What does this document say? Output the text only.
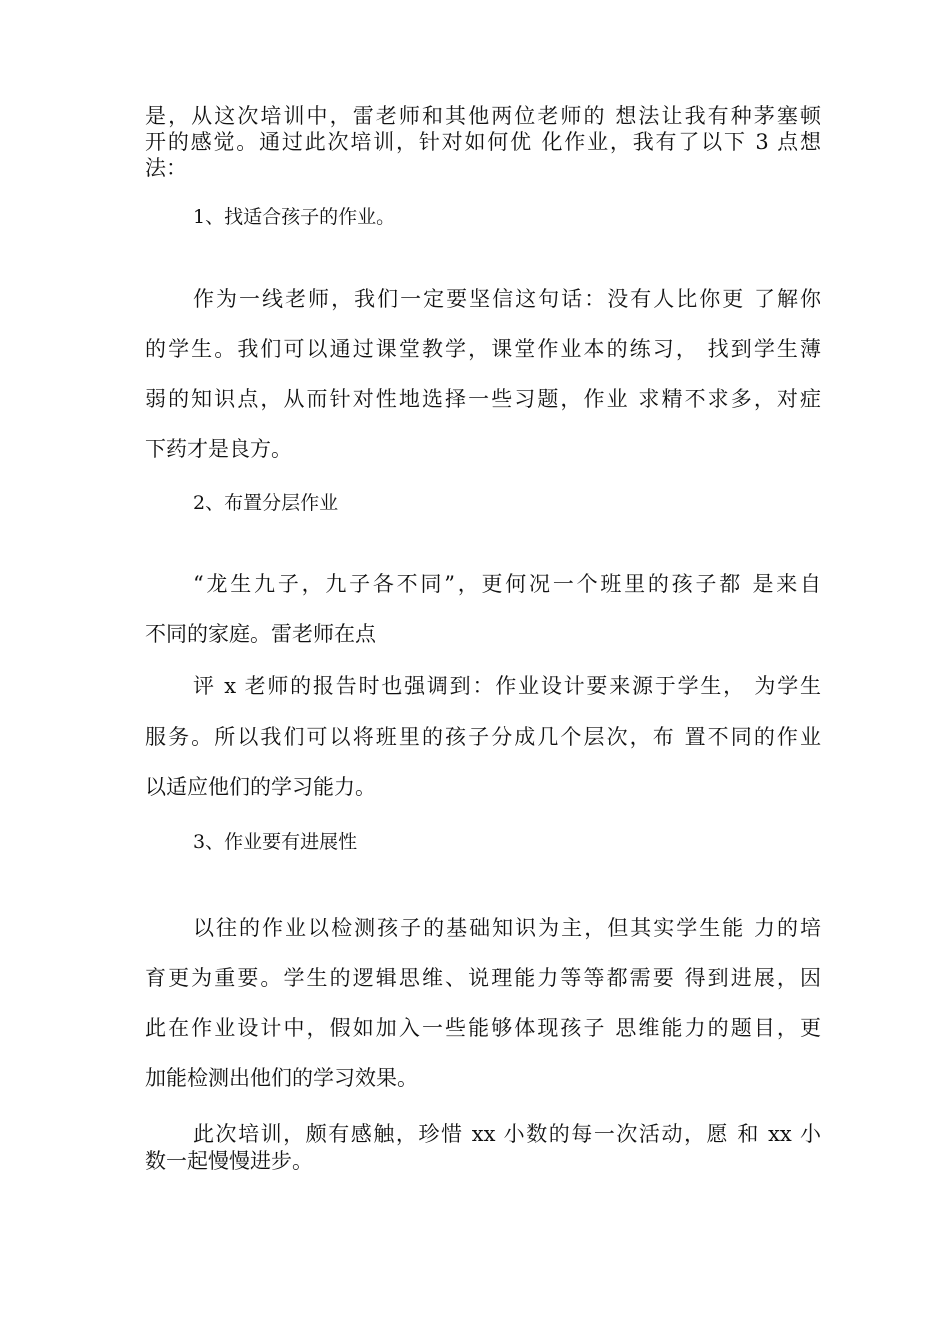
是，从这次培训中，雷老师和其他两位老师的 想法让我有种茅塞顿
开的感觉。通过此次培训，针对如何优 化作业，我有了以下 3 点想
法：
1、找适合孩子的作业。
作为一线老师，我们一定要坚信这句话：没有人比你更 了解你
的学生。我们可以通过课堂教学，课堂作业本的练习， 找到学生薄
弱的知识点，从而针对性地选择一些习题，作业 求精不求多，对症
下药才是良方。
2、布置分层作业
“龙生九子，九子各不同”，更何况一个班里的孩子都 是来自
不同的家庭。雷老师在点
评 x 老师的报告时也强调到：作业设计要来源于学生， 为学生
服务。所以我们可以将班里的孩子分成几个层次，布 置不同的作业
以适应他们的学习能力。
3、作业要有进展性
以往的作业以检测孩子的基础知识为主，但其实学生能 力的培
育更为重要。学生的逻辑思维、说理能力等等都需要 得到进展，因
此在作业设计中，假如加入一些能够体现孩子 思维能力的题目，更
加能检测出他们的学习效果。
此次培训，颇有感触，珍惜 xx 小数的每一次活动，愿 和 xx 小
数一起慢慢进步。
